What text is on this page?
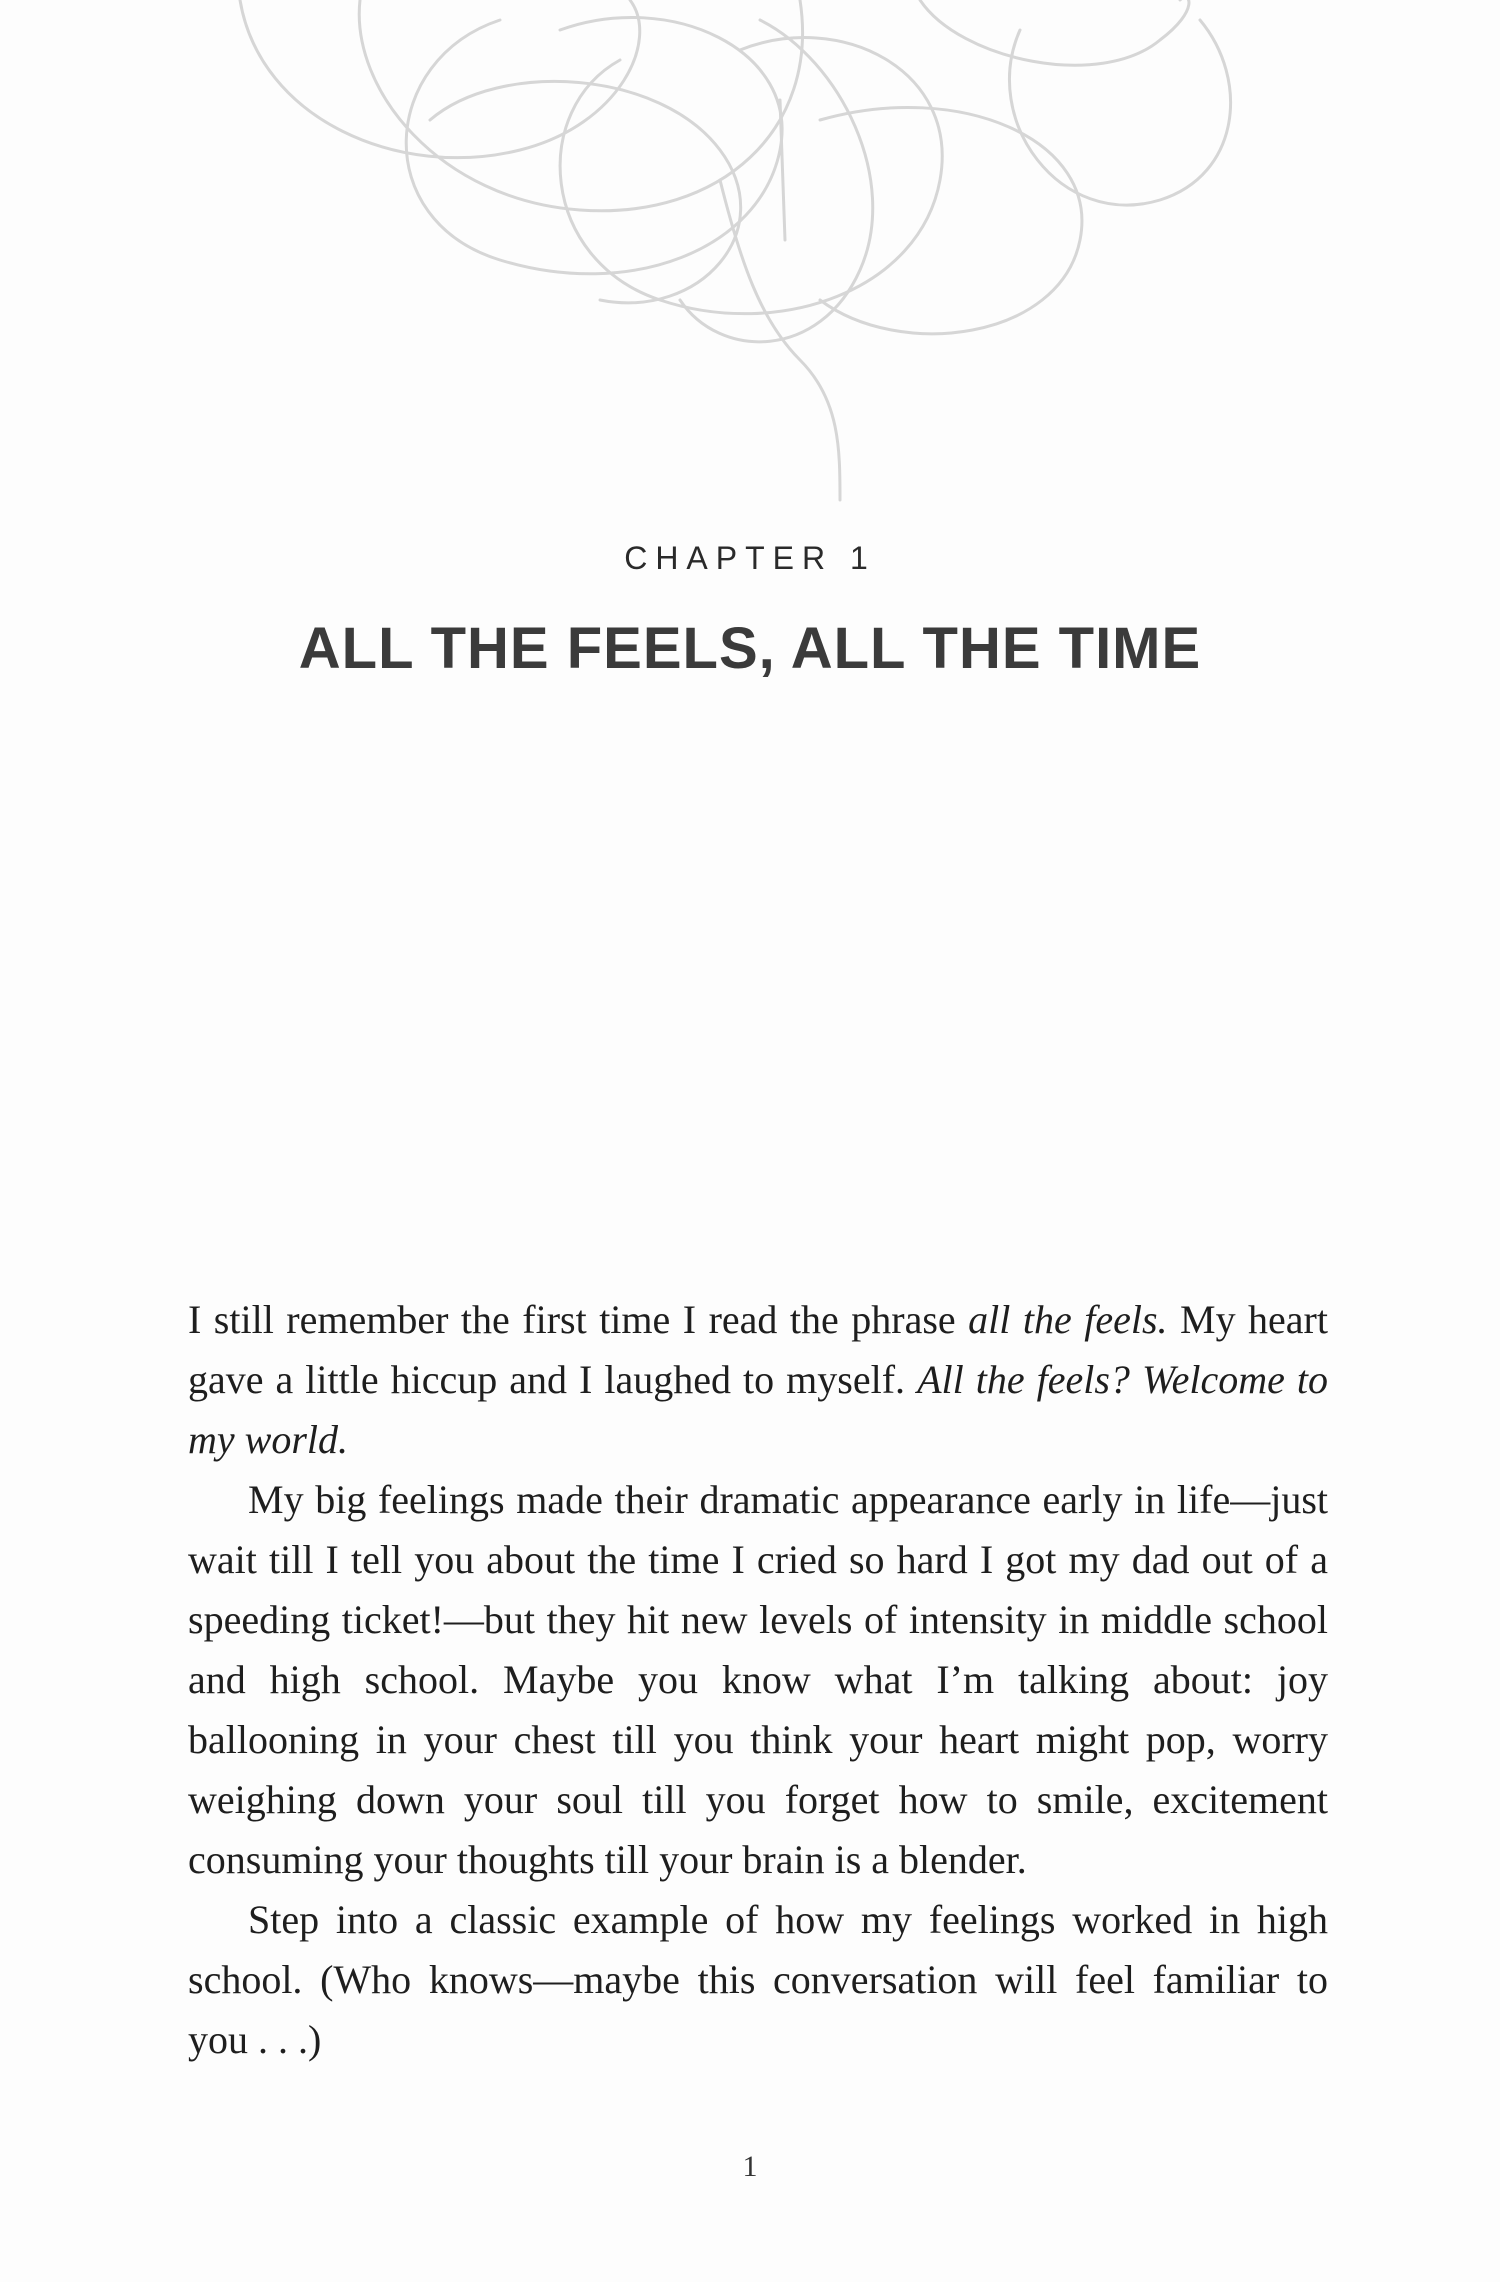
CHAPTER 1
ALL THE FEELS, ALL THE TIME

I still remember the first time I read the phrase all the feels. My heart gave a little hiccup and I laughed to myself. All the feels? Welcome to my world.

My big feelings made their dramatic appearance early in life—just wait till I tell you about the time I cried so hard I got my dad out of a speeding ticket!—but they hit new levels of intensity in middle school and high school. Maybe you know what I’m talking about: joy ballooning in your chest till you think your heart might pop, worry weighing down your soul till you forget how to smile, excitement consuming your thoughts till your brain is a blender.

Step into a classic example of how my feelings worked in high school. (Who knows—maybe this conversation will feel familiar to you . . .)

1
